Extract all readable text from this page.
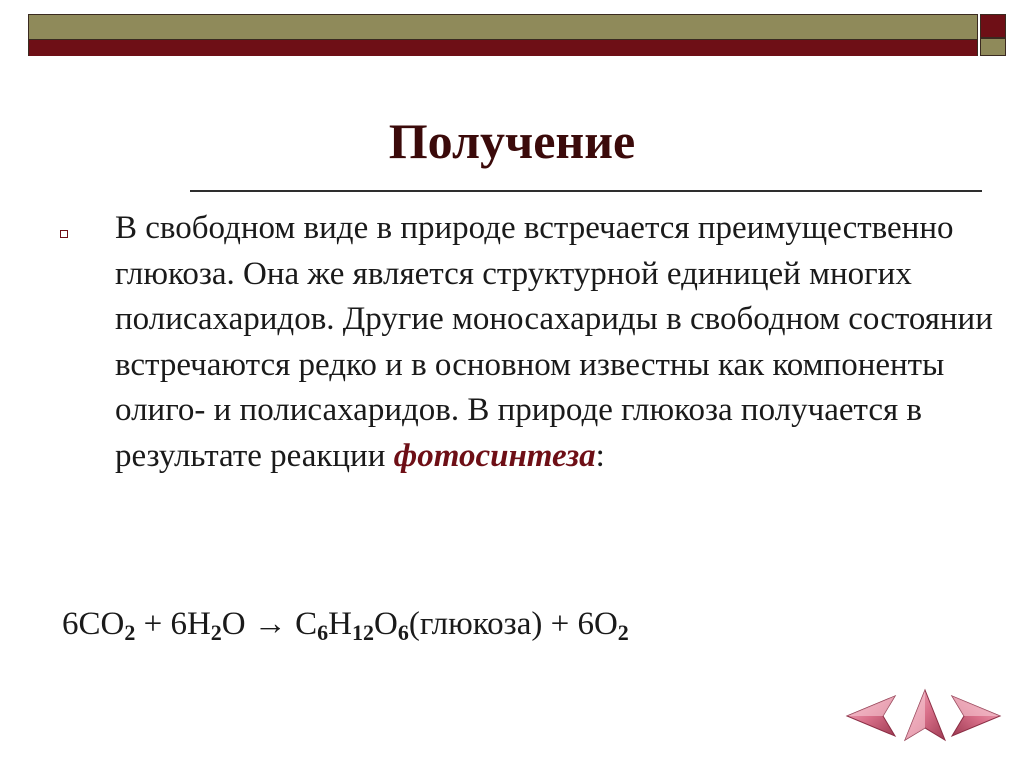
Получение
В свободном виде в природе встречается преимущественно глюкоза. Она же является структурной единицей многих полисахаридов. Другие моносахариды в свободном состоянии встречаются редко и в основном известны как компоненты олиго- и полисахаридов. В природе глюкоза получается в результате реакции фотосинтеза:
$6CO_2 + 6H_2O$ → $C_6H_{12}O_6(глюкоза) + 6O_2$
